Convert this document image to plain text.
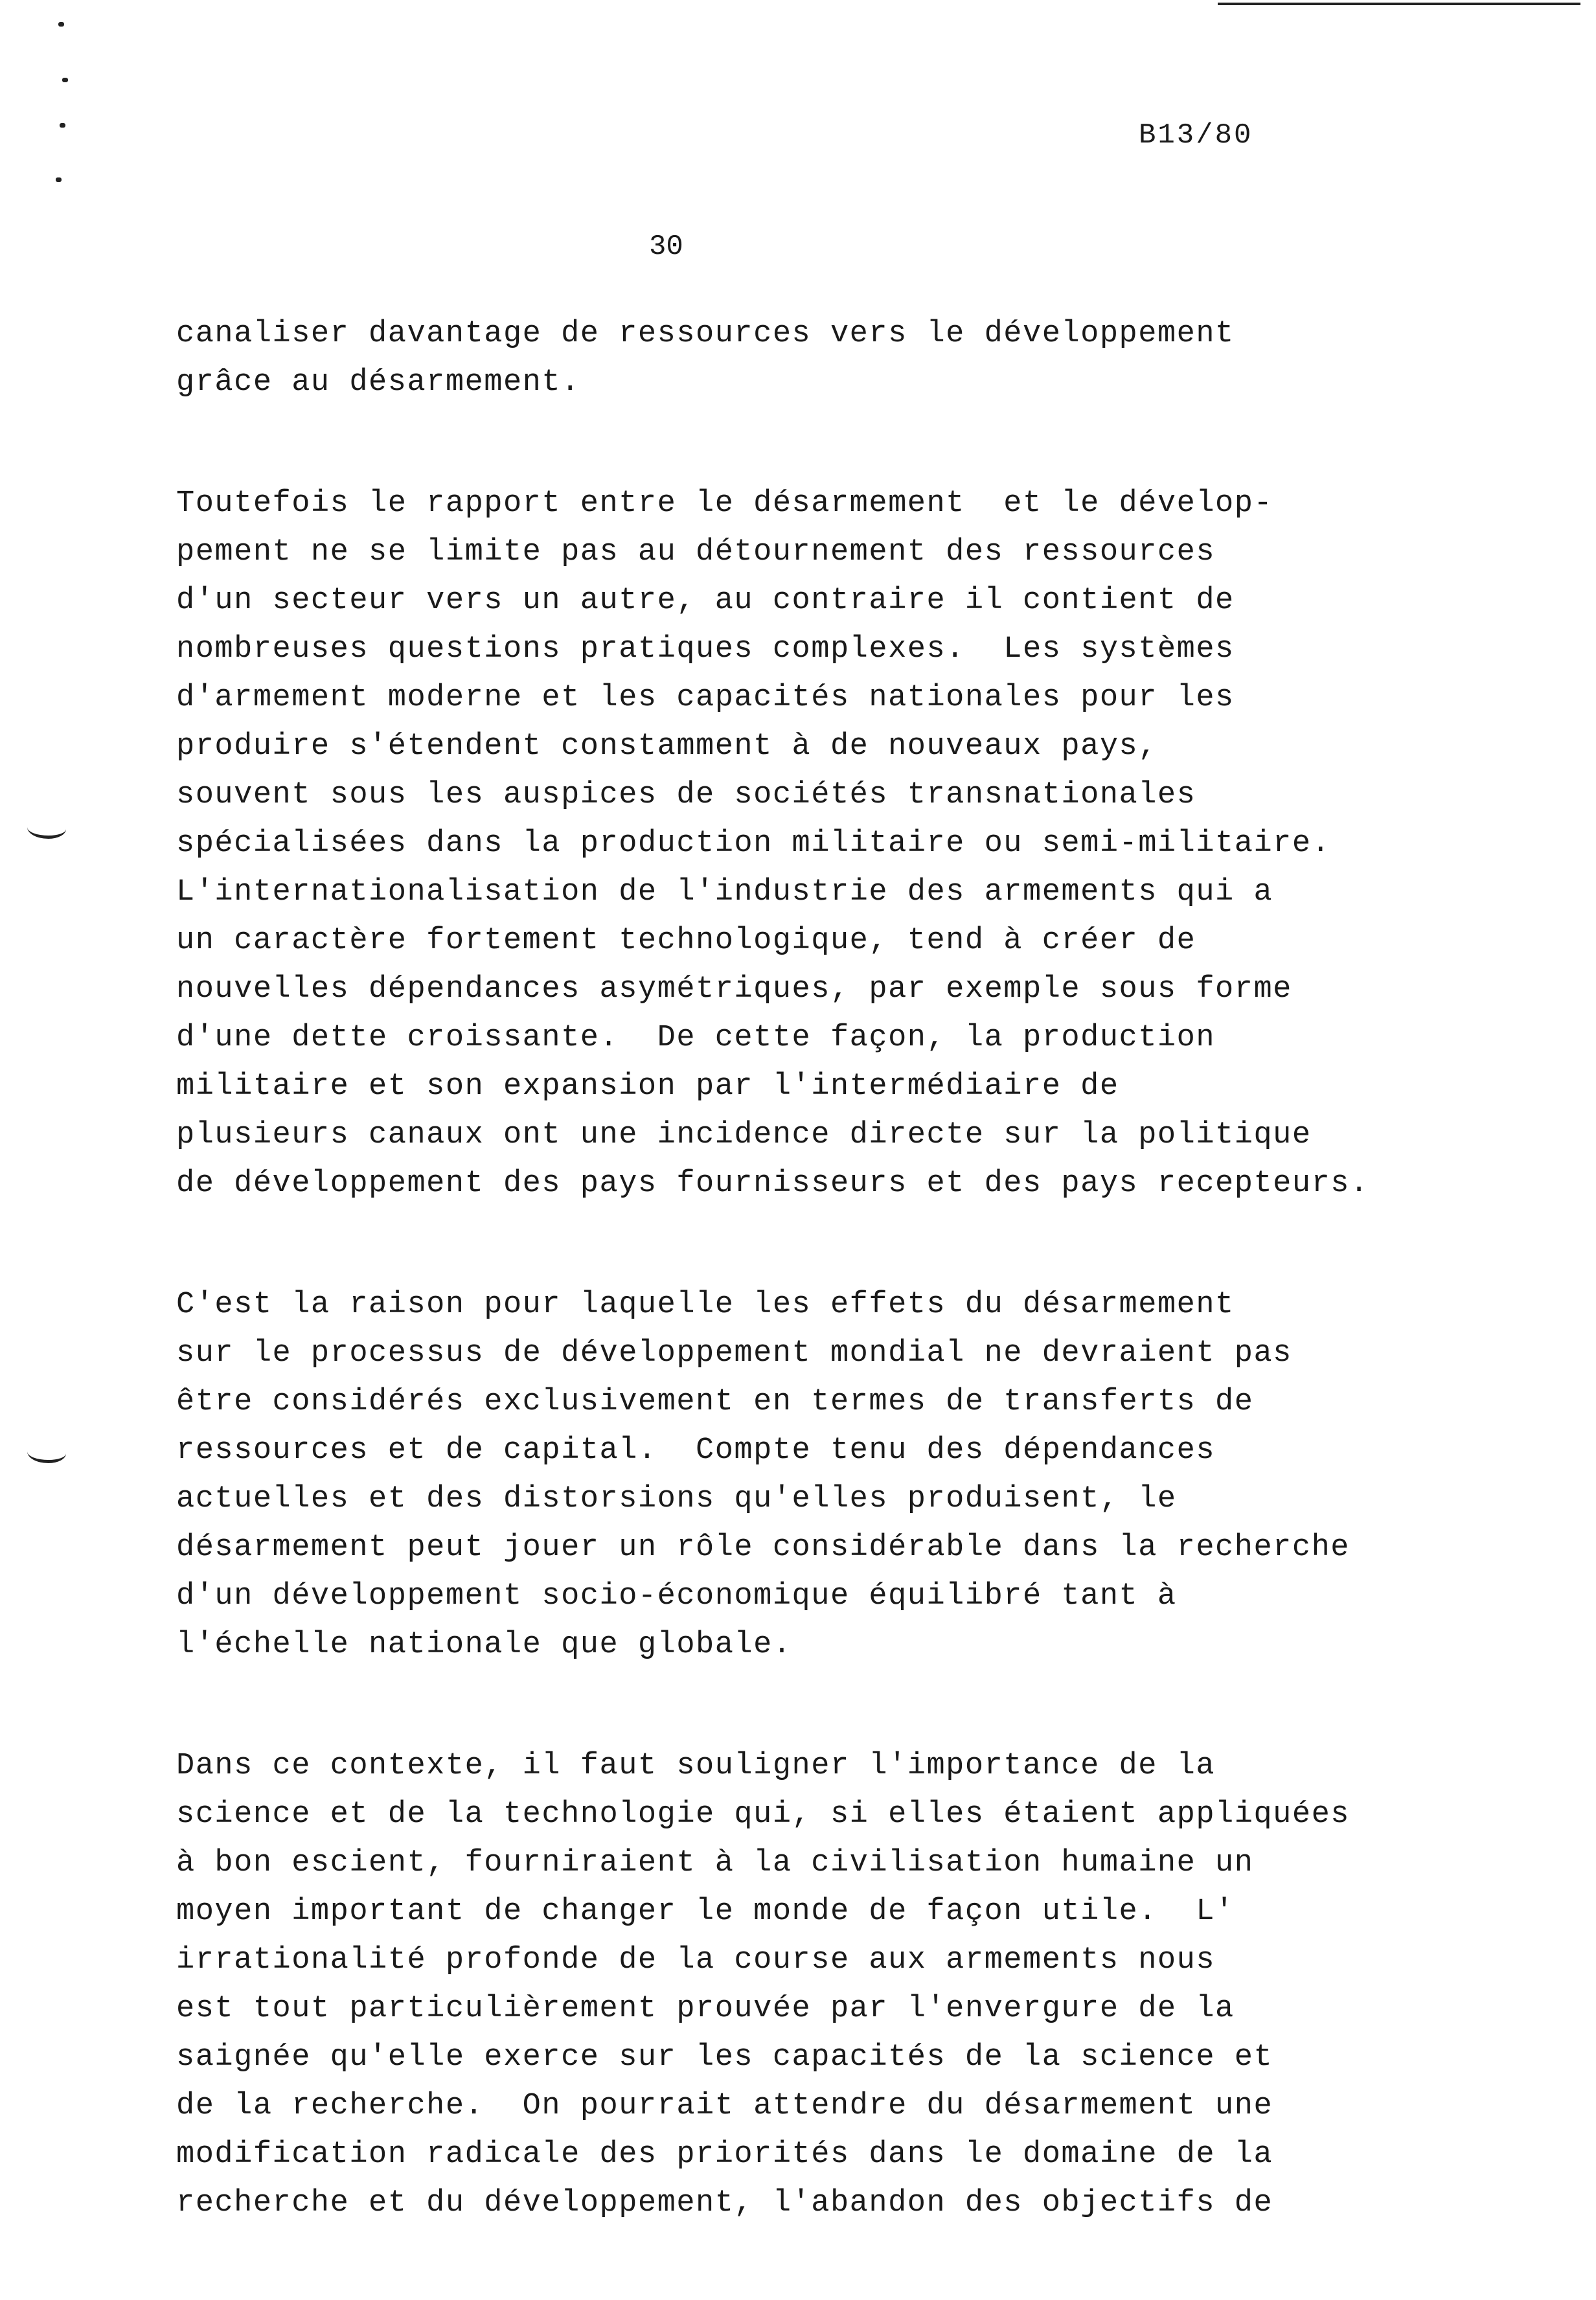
B13/80
30
canaliser davantage de ressources vers le développement
grâce au désarmement.
Toutefois le rapport entre le désarmement  et le dévelop-
pement ne se limite pas au détournement des ressources
d'un secteur vers un autre, au contraire il contient de
nombreuses questions pratiques complexes.  Les systèmes
d'armement moderne et les capacités nationales pour les
produire s'étendent constamment à de nouveaux pays,
souvent sous les auspices de sociétés transnationales
spécialisées dans la production militaire ou semi-militaire.
L'internationalisation de l'industrie des armements qui a
un caractère fortement technologique, tend à créer de
nouvelles dépendances asymétriques, par exemple sous forme
d'une dette croissante.  De cette façon, la production
militaire et son expansion par l'intermédiaire de
plusieurs canaux ont une incidence directe sur la politique
de développement des pays fournisseurs et des pays recepteurs.
C'est la raison pour laquelle les effets du désarmement
sur le processus de développement mondial ne devraient pas
être considérés exclusivement en termes de transferts de
ressources et de capital.  Compte tenu des dépendances
actuelles et des distorsions qu'elles produisent, le
désarmement peut jouer un rôle considérable dans la recherche
d'un développement socio-économique équilibré tant à
l'échelle nationale que globale.
Dans ce contexte, il faut souligner l'importance de la
science et de la technologie qui, si elles étaient appliquées
à bon escient, fourniraient à la civilisation humaine un
moyen important de changer le monde de façon utile.  L'
irrationalité profonde de la course aux armements nous
est tout particulièrement prouvée par l'envergure de la
saignée qu'elle exerce sur les capacités de la science et
de la recherche.  On pourrait attendre du désarmement une
modification radicale des priorités dans le domaine de la
recherche et du développement, l'abandon des objectifs de
